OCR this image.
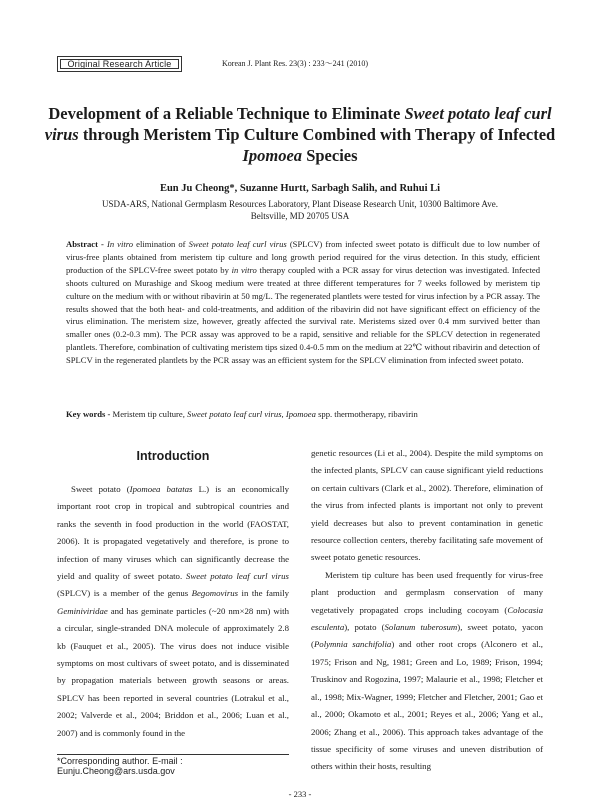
Original Research Article	Korean J. Plant Res. 23(3) : 233～241 (2010)
Development of a Reliable Technique to Eliminate Sweet potato leaf curl virus through Meristem Tip Culture Combined with Therapy of Infected Ipomoea Species
Eun Ju Cheong*, Suzanne Hurtt, Sarbagh Salih, and Ruhui Li
USDA-ARS, National Germplasm Resources Laboratory, Plant Disease Research Unit, 10300 Baltimore Ave.
Beltsville, MD 20705 USA

Abstract - In vitro elimination of Sweet potato leaf curl virus (SPLCV) from infected sweet potato is difficult due to low number of virus-free plants obtained from meristem tip culture and long growth period required for the virus detection. In this study, efficient production of the SPLCV-free sweet potato by in vitro therapy coupled with a PCR assay for virus detection was investigated. Infected shoots cultured on Murashige and Skoog medium were treated at three different temperatures for 7 weeks followed by meristem tip culture on the medium with or without ribavirin at 50 mg/L. The regenerated plantlets were tested for virus infection by a PCR assay. The results showed that the both heat- and cold-treatments, and addition of the ribavirin did not have significant effect on efficiency of the virus elimination. The meristem size, however, greatly affected the survival rate. Meristems sized over 0.4 mm survived better than smaller ones (0.2-0.3 mm). The PCR assay was approved to be a rapid, sensitive and reliable for the SPLCV detection in regenerated plantlets. Therefore, combination of cultivating meristem tips sized 0.4-0.5 mm on the medium at 22℃ without ribavirin and detection of SPLCV in the regenerated plantlets by the PCR assay was an efficient system for the SPLCV elimination from infected sweet potato.

Key words - Meristem tip culture, Sweet potato leaf curl virus, Ipomoea spp. thermotherapy, ribavirin

Introduction

Sweet potato (Ipomoea batatas L.) is an economically important root crop in tropical and subtropical countries and ranks the seventh in food production in the world (FAOSTAT, 2006). It is propagated vegetatively and therefore, is prone to infection of many viruses which can significantly decrease the yield and quality of sweet potato. Sweet potato leaf curl virus (SPLCV) is a member of the genus Begomovirus in the family Geminiviridae and has geminate particles (~20 nm×28 nm) with a circular, single-stranded DNA molecule of approximately 2.8 kb (Fauquet et al., 2005). The virus does not induce visible symptoms on most cultivars of sweet potato, and is disseminated by propagation materials between growth seasons or areas. SPLCV has been reported in several countries (Lotrakul et al., 2002; Valverde et al., 2004; Briddon et al., 2006; Luan et al., 2007) and is commonly found in the

genetic resources (Li et al., 2004). Despite the mild symptoms on the infected plants, SPLCV can cause significant yield reductions on certain cultivars (Clark et al., 2002). Therefore, elimination of the virus from infected plants is important not only to prevent yield decreases but also to prevent contamination in genetic resource collection centers, thereby facilitating safe movement of sweet potato genetic resources.

Meristem tip culture has been used frequently for virus-free plant production and germplasm conservation of many vegetatively propagated crops including cocoyam (Colocasia esculenta), potato (Solanum tuberosum), sweet potato, yacon (Polymnia sanchifolia) and other root crops (Alconero et al., 1975; Frison and Ng, 1981; Green and Lo, 1989; Frison, 1994; Truskinov and Rogozina, 1997; Malaurie et al., 1998; Fletcher et al., 1998; Mix-Wagner, 1999; Fletcher and Fletcher, 2001; Gao et al., 2000; Okamoto et al., 2001; Reyes et al., 2006; Yang et al., 2006; Zhang et al., 2006). This approach takes advantage of the tissue specificity of some viruses and uneven distribution of others within their hosts, resulting

*Corresponding author. E-mail : Eunju.Cheong@ars.usda.gov
- 233 -
